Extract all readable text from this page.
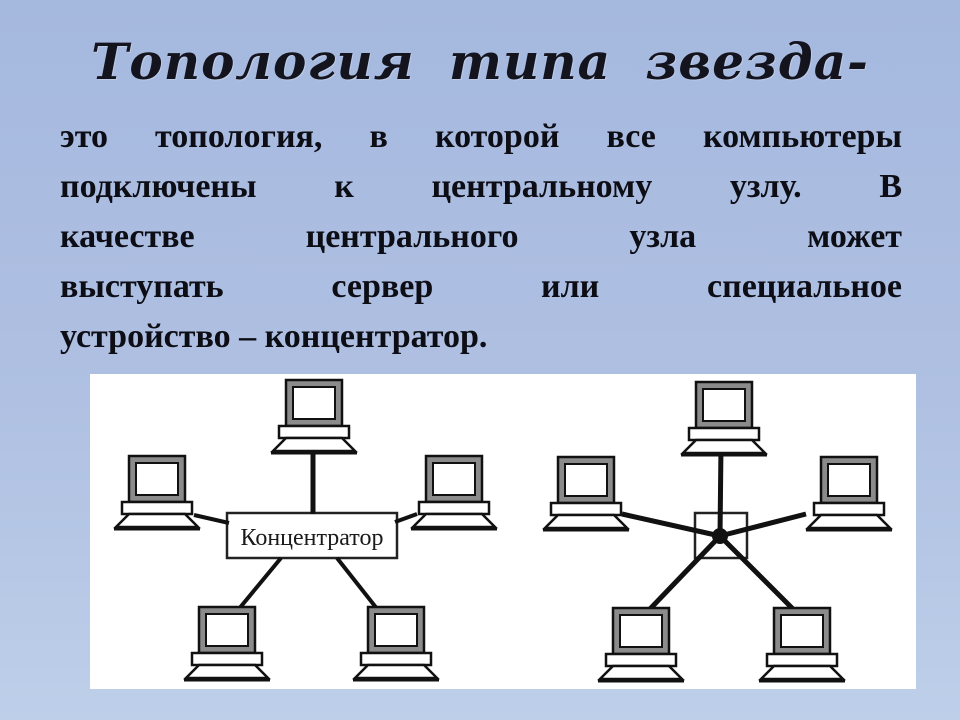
Топология типа звезда-
это топология, в которой все компьютеры
подключены к центральному узлу. В
качестве центрального узла может
выступать сервер или специальное
устройство – концентратор.
Концентратор
